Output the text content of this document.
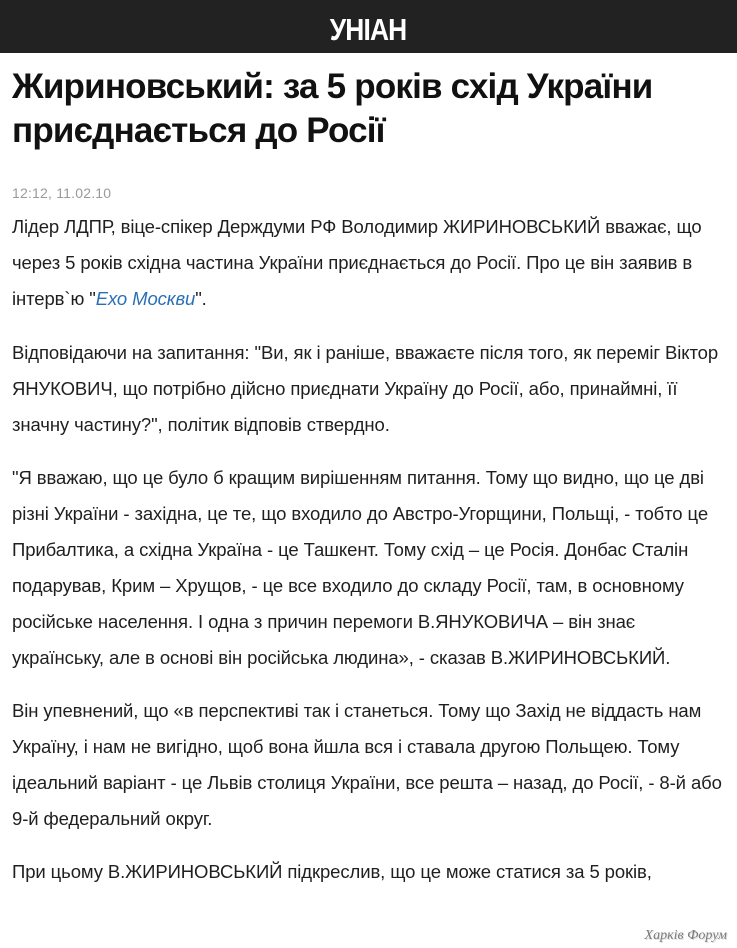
УНІАН
Жириновський: за 5 років схід України приєднається до Росії
12:12, 11.02.10

Лідер ЛДПР, віце-спікер Держдуми РФ Володимир ЖИРИНОВСЬКИЙ вважає, що через 5 років східна частина України приєднається до Росії. Про це він заявив в інтерв`ю "Ехо Москви".

Відповідаючи на запитання: "Ви, як і раніше, вважаєте після того, як переміг Віктор ЯНУКОВИЧ, що потрібно дійсно приєднати Україну до Росії, або, принаймні, її значну частину?", політик відповів ствердно.

"Я вважаю, що це було б кращим вирішенням питання. Тому що видно, що це дві різні України - західна, це те, що входило до Австро-Угорщини, Польщі, - тобто це Прибалтика, а східна Україна - це Ташкент. Тому схід – це Росія. Донбас Сталін подарував, Крим – Хрущов, - це все входило до складу Росії, там, в основному російське населення. І одна з причин перемоги В.ЯНУКОВИЧА – він знає українську, але в основі він російська людина», - сказав В.ЖИРИНОВСЬКИЙ.

Він упевнений, що «в перспективі так і станеться. Тому що Захід не віддасть нам Україну, і нам не вигідно, щоб вона йшла вся і ставала другою Польщею. Тому ідеальний варіант - це Львів столиця України, все решта – назад, до Росії, - 8-й або 9-й федеральний округ.

При цьому В.ЖИРИНОВСЬКИЙ підкреслив, що це може статися за 5 років,

Харків Форум
